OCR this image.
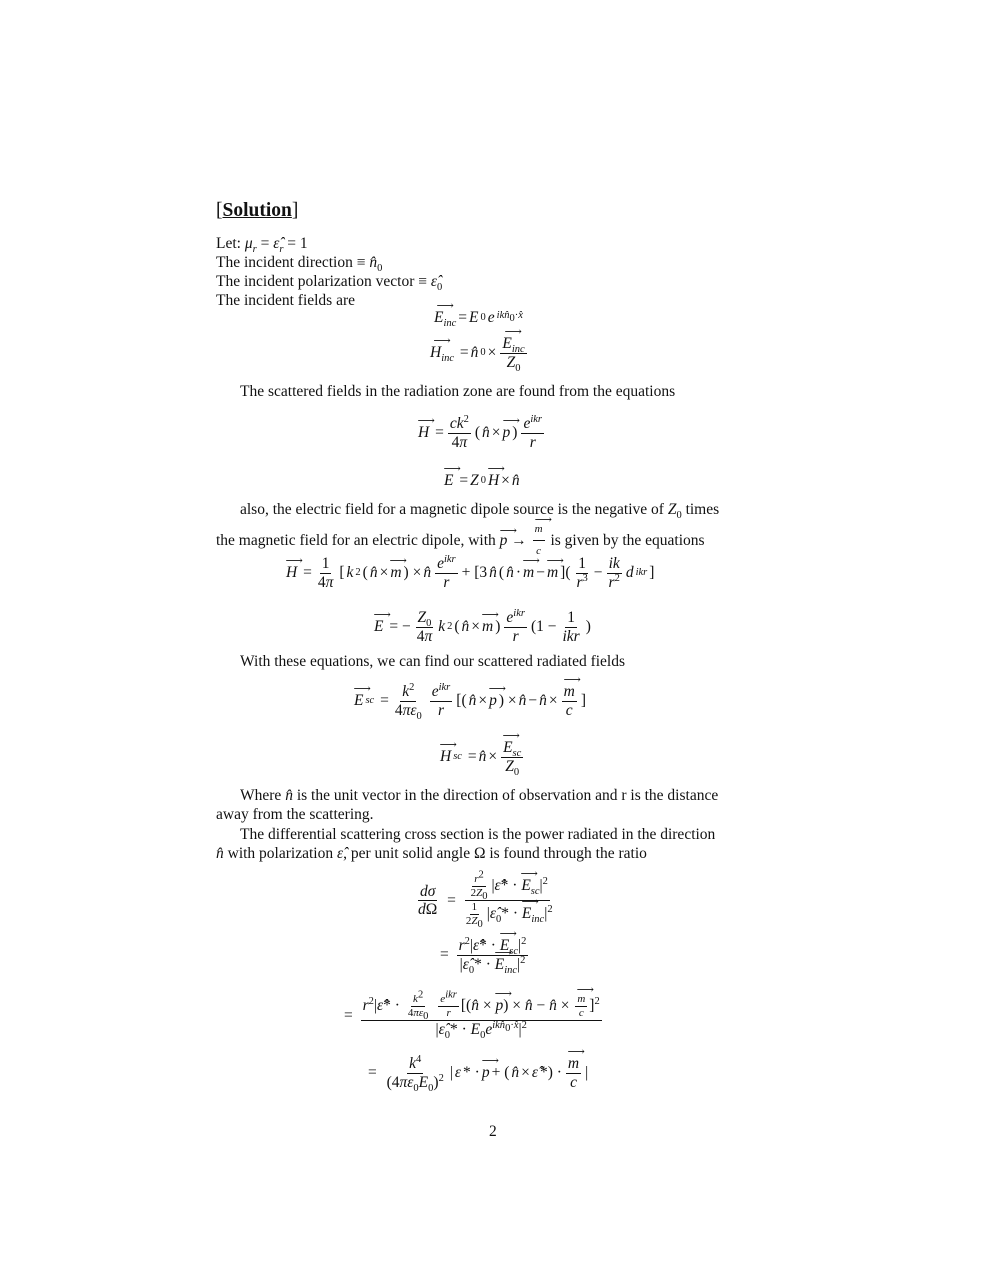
[Solution]
Let: $\mu_r$ = $\varepsilon̂_r = 1$
The incident direction ≡ $n̂_0$
The incident polarization vector ≡ $\varepsilon̂_0$
The incident fields are
⟶ $E_{inc} = E$ 0 e $ikn̂_0\cdot x̂$
⟶ $H_{inc}$ = n̂ 0 × ⟶ $\frac{E_{inc}}{Z_0}$
The scattered fields in the radiation zone are found from the equations
⟶ $H = \frac{ck^2}{4\pi}$ ( n̂ × ⟶ p ) $\frac{e^{ikr}}{r}$
⟶ E = Z 0 ⟶ H × n̂
also, the electric field for a magnetic dipole source is the negative of $Z_0$ times
the magnetic field for an electric dipole, with ⟶ p → ⟶ $\frac{m}{c}$ is given by the equations
⟶ $H = \frac{1}{4\pi}$ [ k 2 ( n̂ × ⟶ m ) × n̂ $\frac{e^{ikr}}{r} + [3$ n̂ ( n̂ · ⟶ m − ⟶ m ]( $\frac{1}{r^3} - \frac{ik}{r^2}$ d ikr ]
⟶ E = − $\frac{Z_0}{4\pi}$ k 2 ( n̂ × ⟶ m ) $\frac{e^{ikr}}{r} (1 - \frac{1}{\text{ikr}}$ )
With these equations, we can find our scattered radiated fields
⟶ E sc = $\frac{k^2}{4\pi\varepsilon_0} \frac{e^{ikr}}{r}$ [( n̂ × ⟶ p ) × n̂ − n̂ × ⟶ $\frac{m}{c}$ ]
⟶ H sc = n̂ × ⟶ $\frac{E_{sc}}{Z_0}$
Where n̂ is the unit vector in the direction of observation and r is the distance
away from the scattering.
The differential scattering cross section is the power radiated in the direction
n̂ with polarization ε̂, per unit solid angle Ω is found through the ratio
$\frac{d\sigma}{d\Omega} = \frac{\frac{r^2}{2Z_0} |\varepsilon̂* \cdot ⟶ E_{sc}|^2}{\frac{1}{2Z_0} |\varepsilon̂_0* \cdot ⟶ E_{inc}|^2}$
= $\frac{r^2|\varepsilon̂* \cdot ⟶ E_{sc}|^2}{|\varepsilon̂_0* \cdot ⟶ E_{inc}|^2}$
= $r^2|\varepsilon̂* \cdot \frac{k^2}{4\pi\varepsilon_0}$
$\frac{e^{ikr}}{r}$ [(n̂ × ⟶ p) × n̂ − n̂ × ⟶ $\frac{m}{c} ]^2$
$|\varepsilon̂_0* \cdot E_0e^{ikn̂_0\cdot x̂}|^2$
= $\frac{k^4}{(4\pi\varepsilon_0E_0)^2}$ | ε * · ⟶ p + ( n̂ × ε̂ *) · ⟶ $\frac{m}{c}$ |
2
